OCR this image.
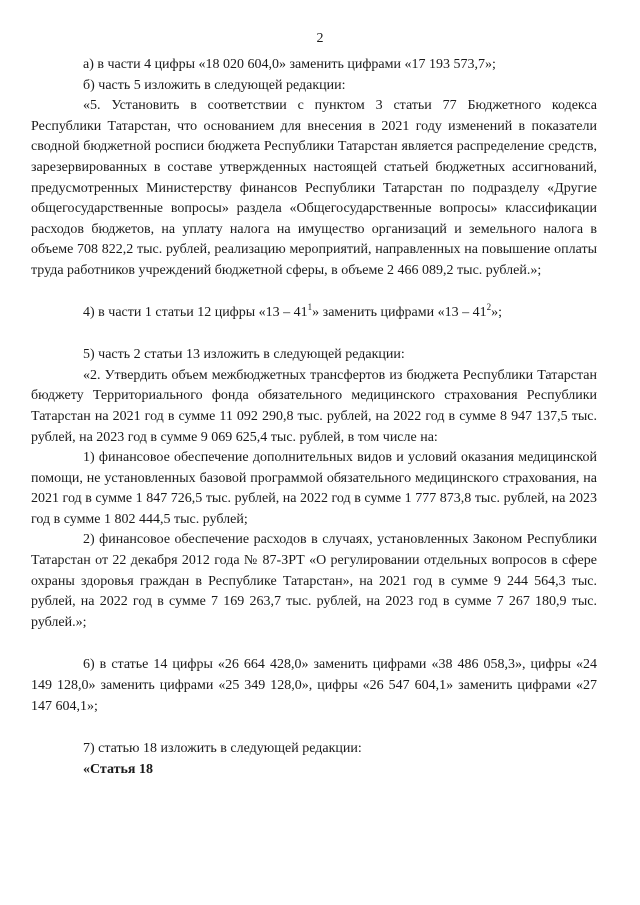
2

а) в части 4 цифры «18 020 604,0» заменить цифрами «17 193 573,7»;

б) часть 5 изложить в следующей редакции:

«5. Установить в соответствии с пунктом 3 статьи 77 Бюджетного кодекса Республики Татарстан, что основанием для внесения в 2021 году изменений в показатели сводной бюджетной росписи бюджета Республики Татарстан является распределение средств, зарезервированных в составе утвержденных настоящей статьей бюджетных ассигнований, предусмотренных Министерству финансов Республики Татарстан по подразделу «Другие общегосударственные вопросы» раздела «Общегосударственные вопросы» классификации расходов бюджетов, на уплату налога на имущество организаций и земельного налога в объеме 708 822,2 тыс. рублей, реализацию мероприятий, направленных на повышение оплаты труда работников учреждений бюджетной сферы, в объеме 2 466 089,2 тыс. рублей.»;

4) в части 1 статьи 12 цифры «$13 - 41^1$» заменить цифрами «$13 - 41^2$»;

5) часть 2 статьи 13 изложить в следующей редакции:

«2. Утвердить объем межбюджетных трансфертов из бюджета Республики Татарстан бюджету Территориального фонда обязательного медицинского страхования Республики Татарстан на 2021 год в сумме 11 092 290,8 тыс. рублей, на 2022 год в сумме 8 947 137,5 тыс. рублей, на 2023 год в сумме 9 069 625,4 тыс. рублей, в том числе на:

1) финансовое обеспечение дополнительных видов и условий оказания медицинской помощи, не установленных базовой программой обязательного медицинского страхования, на 2021 год в сумме 1 847 726,5 тыс. рублей, на 2022 год в сумме 1 777 873,8 тыс. рублей, на 2023 год в сумме 1 802 444,5 тыс. рублей;

2) финансовое обеспечение расходов в случаях, установленных Законом Республики Татарстан от 22 декабря 2012 года № 87-ЗРТ «О регулировании отдельных вопросов в сфере охраны здоровья граждан в Республике Татарстан», на 2021 год в сумме 9 244 564,3 тыс. рублей, на 2022 год в сумме 7 169 263,7 тыс. рублей, на 2023 год в сумме 7 267 180,9 тыс. рублей.»;

6) в статье 14 цифры «26 664 428,0» заменить цифрами «38 486 058,3», цифры «24 149 128,0» заменить цифрами «25 349 128,0», цифры «26 547 604,1» заменить цифрами «27 147 604,1»;

7) статью 18 изложить в следующей редакции:

«Статья 18
